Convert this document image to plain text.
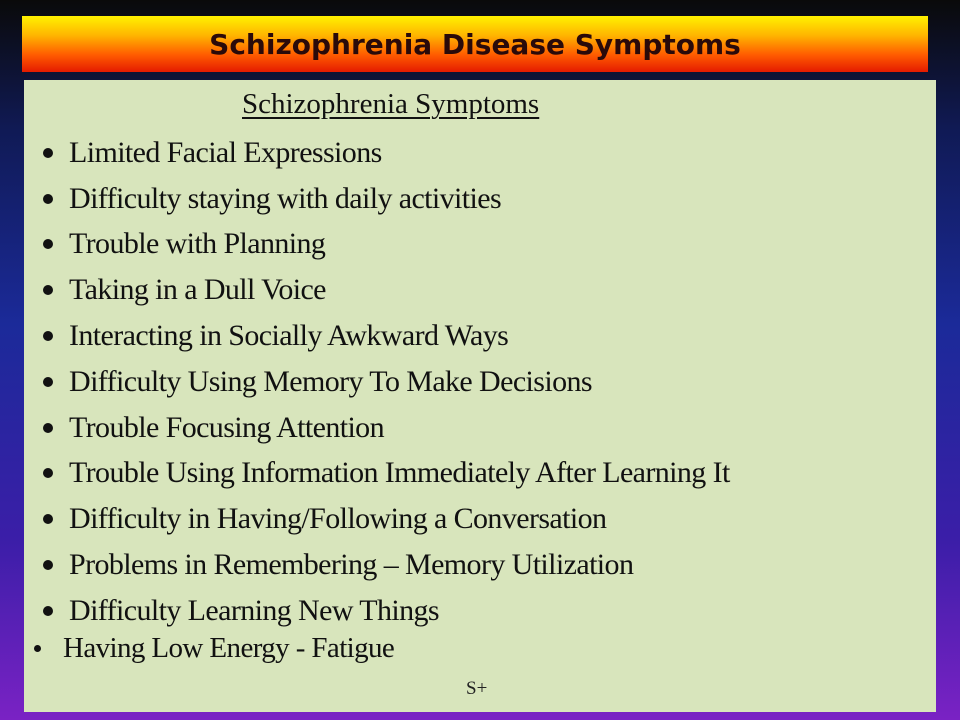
Schizophrenia Disease Symptoms
Schizophrenia Symptoms
Limited Facial Expressions
Difficulty staying with daily activities
Trouble with Planning
Taking in a Dull Voice
Interacting in Socially Awkward Ways
Difficulty Using Memory To Make Decisions
Trouble Focusing Attention
Trouble Using Information Immediately After Learning It
Difficulty in Having/Following a Conversation
Problems in Remembering – Memory Utilization
Difficulty Learning New Things
Having Low Energy - Fatigue
S+
